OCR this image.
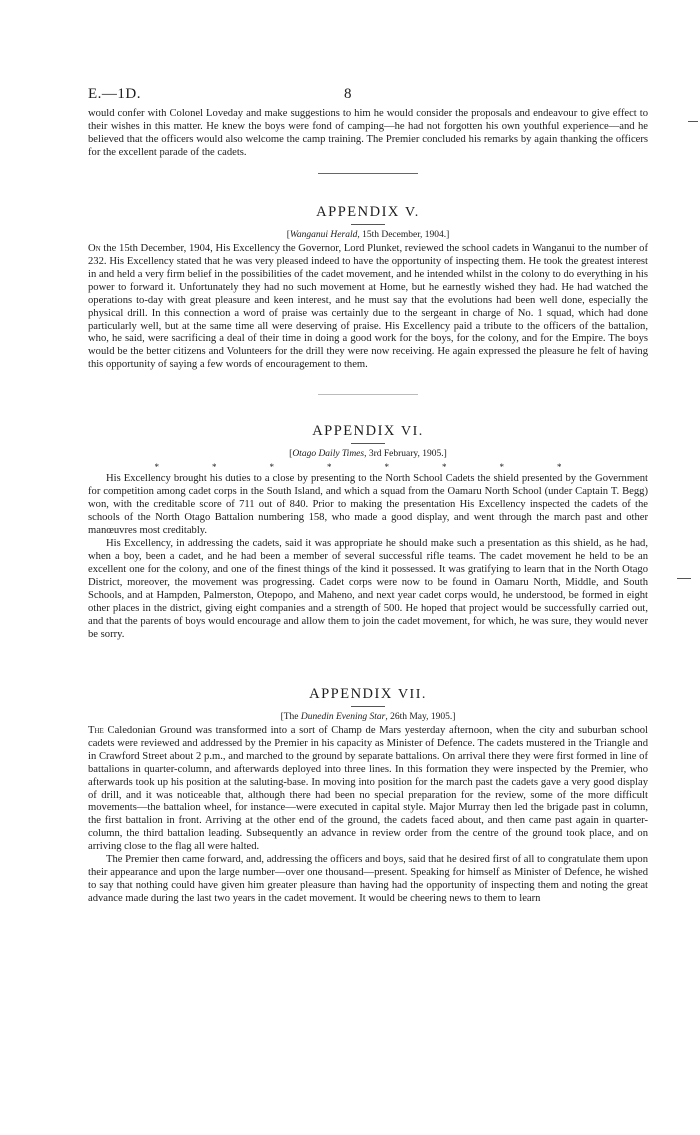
E.—1D.	8

would confer with Colonel Loveday and make suggestions to him he would consider the proposals and endeavour to give effect to their wishes in this matter. He knew the boys were fond of camping—he had not forgotten his own youthful experience—and he believed that the officers would also welcome the camp training. The Premier concluded his remarks by again thanking the officers for the excellent parade of the cadets.

APPENDIX V.
[Wanganui Herald, 15th December, 1904.]

On the 15th December, 1904, His Excellency the Governor, Lord Plunket, reviewed the school cadets in Wanganui to the number of 232. His Excellency stated that he was very pleased indeed to have the opportunity of inspecting them. He took the greatest interest in and held a very firm belief in the possibilities of the cadet movement, and he intended whilst in the colony to do everything in his power to forward it. Unfortunately they had no such movement at Home, but he earnestly wished they had. He had watched the operations to-day with great pleasure and keen interest, and he must say that the evolutions had been well done, especially the physical drill. In this connection a word of praise was certainly due to the sergeant in charge of No. 1 squad, which had done particularly well, but at the same time all were deserving of praise. His Excellency paid a tribute to the officers of the battalion, who, he said, were sacrificing a deal of their time in doing a good work for the boys, for the colony, and for the Empire. The boys would be the better citizens and Volunteers for the drill they were now receiving. He again expressed the pleasure he felt of having this opportunity of saying a few words of encouragement to them.

APPENDIX VI.
[Otago Daily Times, 3rd February, 1905.]
*	*	*	*	*	*	*	*

His Excellency brought his duties to a close by presenting to the North School Cadets the shield presented by the Government for competition among cadet corps in the South Island, and which a squad from the Oamaru North School (under Captain T. Begg) won, with the creditable score of 711 out of 840. Prior to making the presentation His Excellency inspected the cadets of the schools of the North Otago Battalion numbering 158, who made a good display, and went through the march past and other manœuvres most creditably.

His Excellency, in addressing the cadets, said it was appropriate he should make such a presentation as this shield, as he had, when a boy, been a cadet, and he had been a member of several successful rifle teams. The cadet movement he held to be an excellent one for the colony, and one of the finest things of the kind it possessed. It was gratifying to learn that in the North Otago District, moreover, the movement was progressing. Cadet corps were now to be found in Oamaru North, Middle, and South Schools, and at Hampden, Palmerston, Otepopo, and Maheno, and next year cadet corps would, he understood, be formed in eight other places in the district, giving eight companies and a strength of 500. He hoped that project would be successfully carried out, and that the parents of boys would encourage and allow them to join the cadet movement, for which, he was sure, they would never be sorry.

APPENDIX VII.
[The Dunedin Evening Star, 26th May, 1905.]

The Caledonian Ground was transformed into a sort of Champ de Mars yesterday afternoon, when the city and suburban school cadets were reviewed and addressed by the Premier in his capacity as Minister of Defence. The cadets mustered in the Triangle and in Crawford Street about 2 p.m., and marched to the ground by separate battalions. On arrival there they were first formed in line of battalions in quarter-column, and afterwards deployed into three lines. In this formation they were inspected by the Premier, who afterwards took up his position at the saluting-base. In moving into position for the march past the cadets gave a very good display of drill, and it was noticeable that, although there had been no special preparation for the review, some of the more difficult movements—the battalion wheel, for instance—were executed in capital style. Major Murray then led the brigade past in column, the first battalion in front. Arriving at the other end of the ground, the cadets faced about, and then came past again in quarter-column, the third battalion leading. Subsequently an advance in review order from the centre of the ground took place, and on arriving close to the flag all were halted.

The Premier then came forward, and, addressing the officers and boys, said that he desired first of all to congratulate them upon their appearance and upon the large number—over one thousand—present. Speaking for himself as Minister of Defence, he wished to say that nothing could have given him greater pleasure than having had the opportunity of inspecting them and noting the great advance made during the last two years in the cadet movement. It would be cheering news to them to learn
